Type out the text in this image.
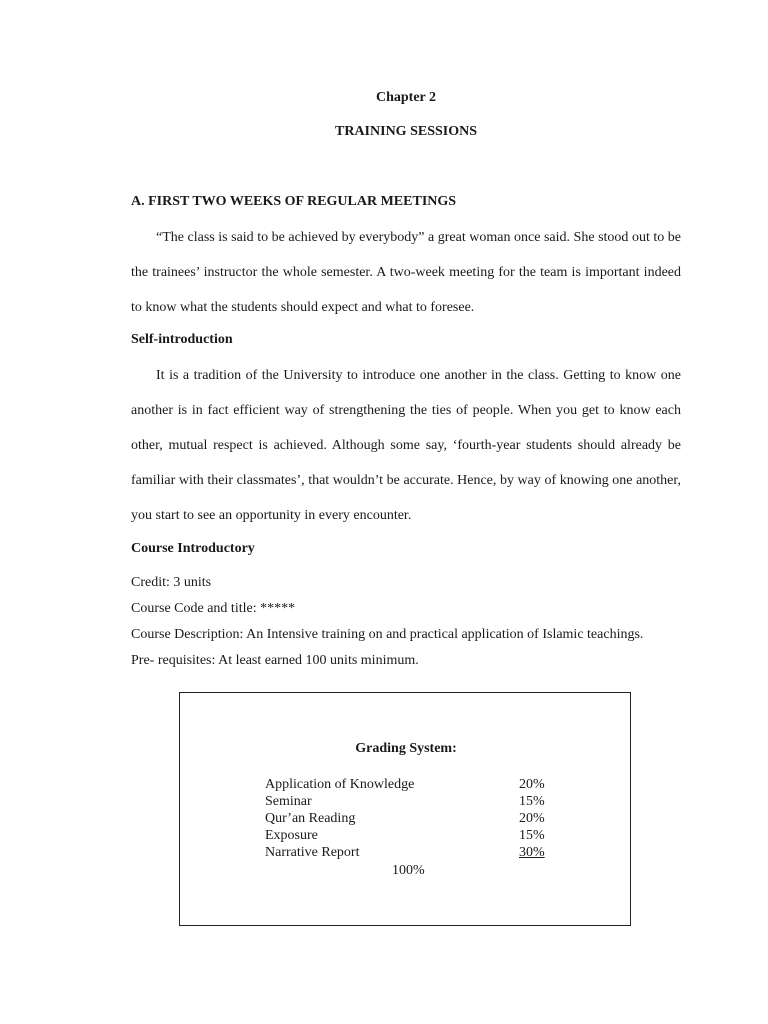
Chapter 2
TRAINING SESSIONS
A. FIRST TWO WEEKS OF REGULAR MEETINGS

“The class is said to be achieved by everybody” a great woman once said. She stood out to be the trainees’ instructor the whole semester. A two-week meeting for the team is important indeed to know what the students should expect and what to foresee.

Self-introduction

It is a tradition of the University to introduce one another in the class. Getting to know one another is in fact efficient way of strengthening the ties of people. When you get to know each other, mutual respect is achieved. Although some say, ‘fourth-year students should already be familiar with their classmates’, that wouldn’t be accurate. Hence, by way of knowing one another, you start to see an opportunity in every encounter.

Course Introductory
Credit: 3 units
Course Code and title: *****
Course Description: An Intensive training on and practical application of Islamic teachings.
Pre- requisites: At least earned 100 units minimum.
Grading System:
Application of Knowledge	20%
Seminar	15%
Qur’an Reading	20%
Exposure	15%
Narrative Report	30%
100%
